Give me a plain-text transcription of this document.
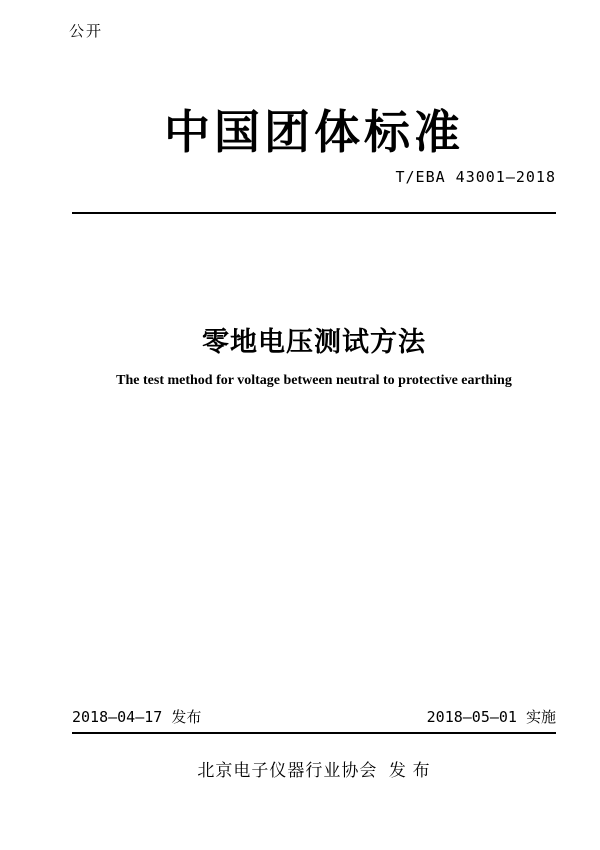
公开
中国团体标准
T/EBA 43001—2018
零地电压测试方法
The test method for voltage between neutral to protective earthing
2018—04—17 发布	2018—05—01 实施
北京电子仪器行业协会  发 布
